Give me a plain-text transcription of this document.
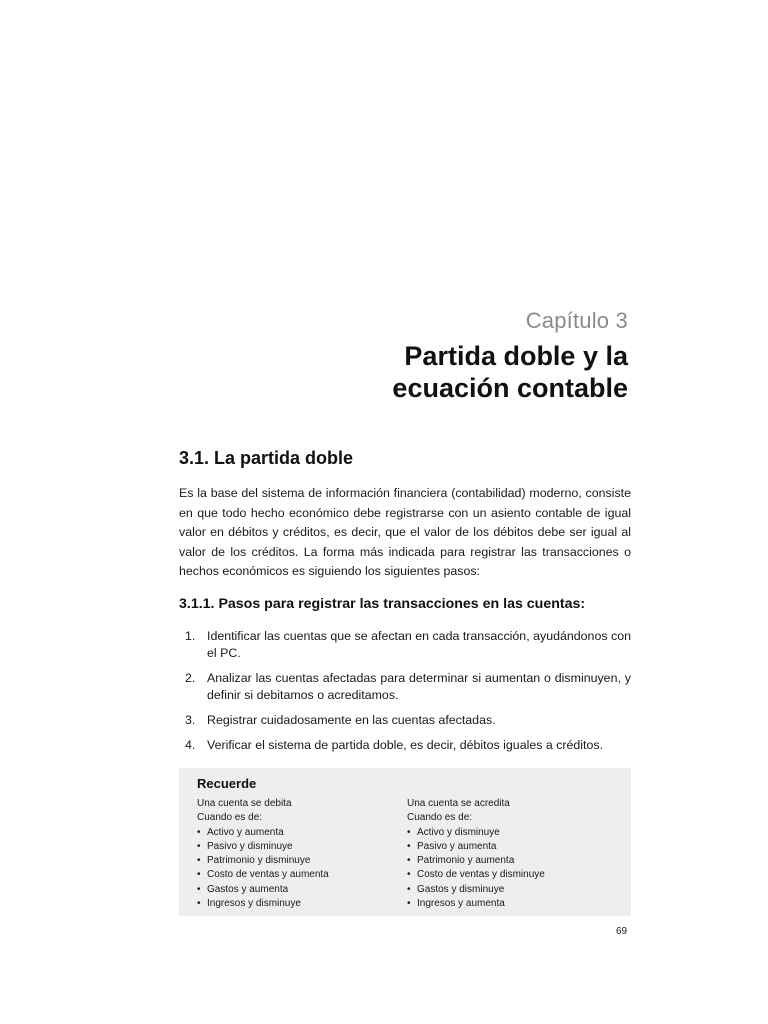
Capítulo 3
Partida doble y la
ecuación contable
3.1. La partida doble

Es la base del sistema de información financiera (contabilidad) moderno, consiste en que todo hecho económico debe registrarse con un asiento contable de igual valor en débitos y créditos, es decir, que el valor de los débitos debe ser igual al valor de los créditos. La forma más indicada para registrar las transacciones o hechos económicos es siguiendo los siguientes pasos:

3.1.1. Pasos para registrar las transacciones en las cuentas:
1. Identificar las cuentas que se afectan en cada transacción, ayudándonos con el PC.
2. Analizar las cuentas afectadas para determinar si aumentan o disminuyen, y definir si debitamos o acreditamos.
3. Registrar cuidadosamente en las cuentas afectadas.
4. Verificar el sistema de partida doble, es decir, débitos iguales a créditos.
Recuerde
Una cuenta se debita
Cuando es de:
• Activo y aumenta
• Pasivo y disminuye
• Patrimonio y disminuye
• Costo de ventas y aumenta
• Gastos y aumenta
• Ingresos y disminuye
Una cuenta se acredita
Cuando es de:
• Activo y disminuye
• Pasivo y aumenta
• Patrimonio y aumenta
• Costo de ventas y disminuye
• Gastos y disminuye
• Ingresos y aumenta
69
